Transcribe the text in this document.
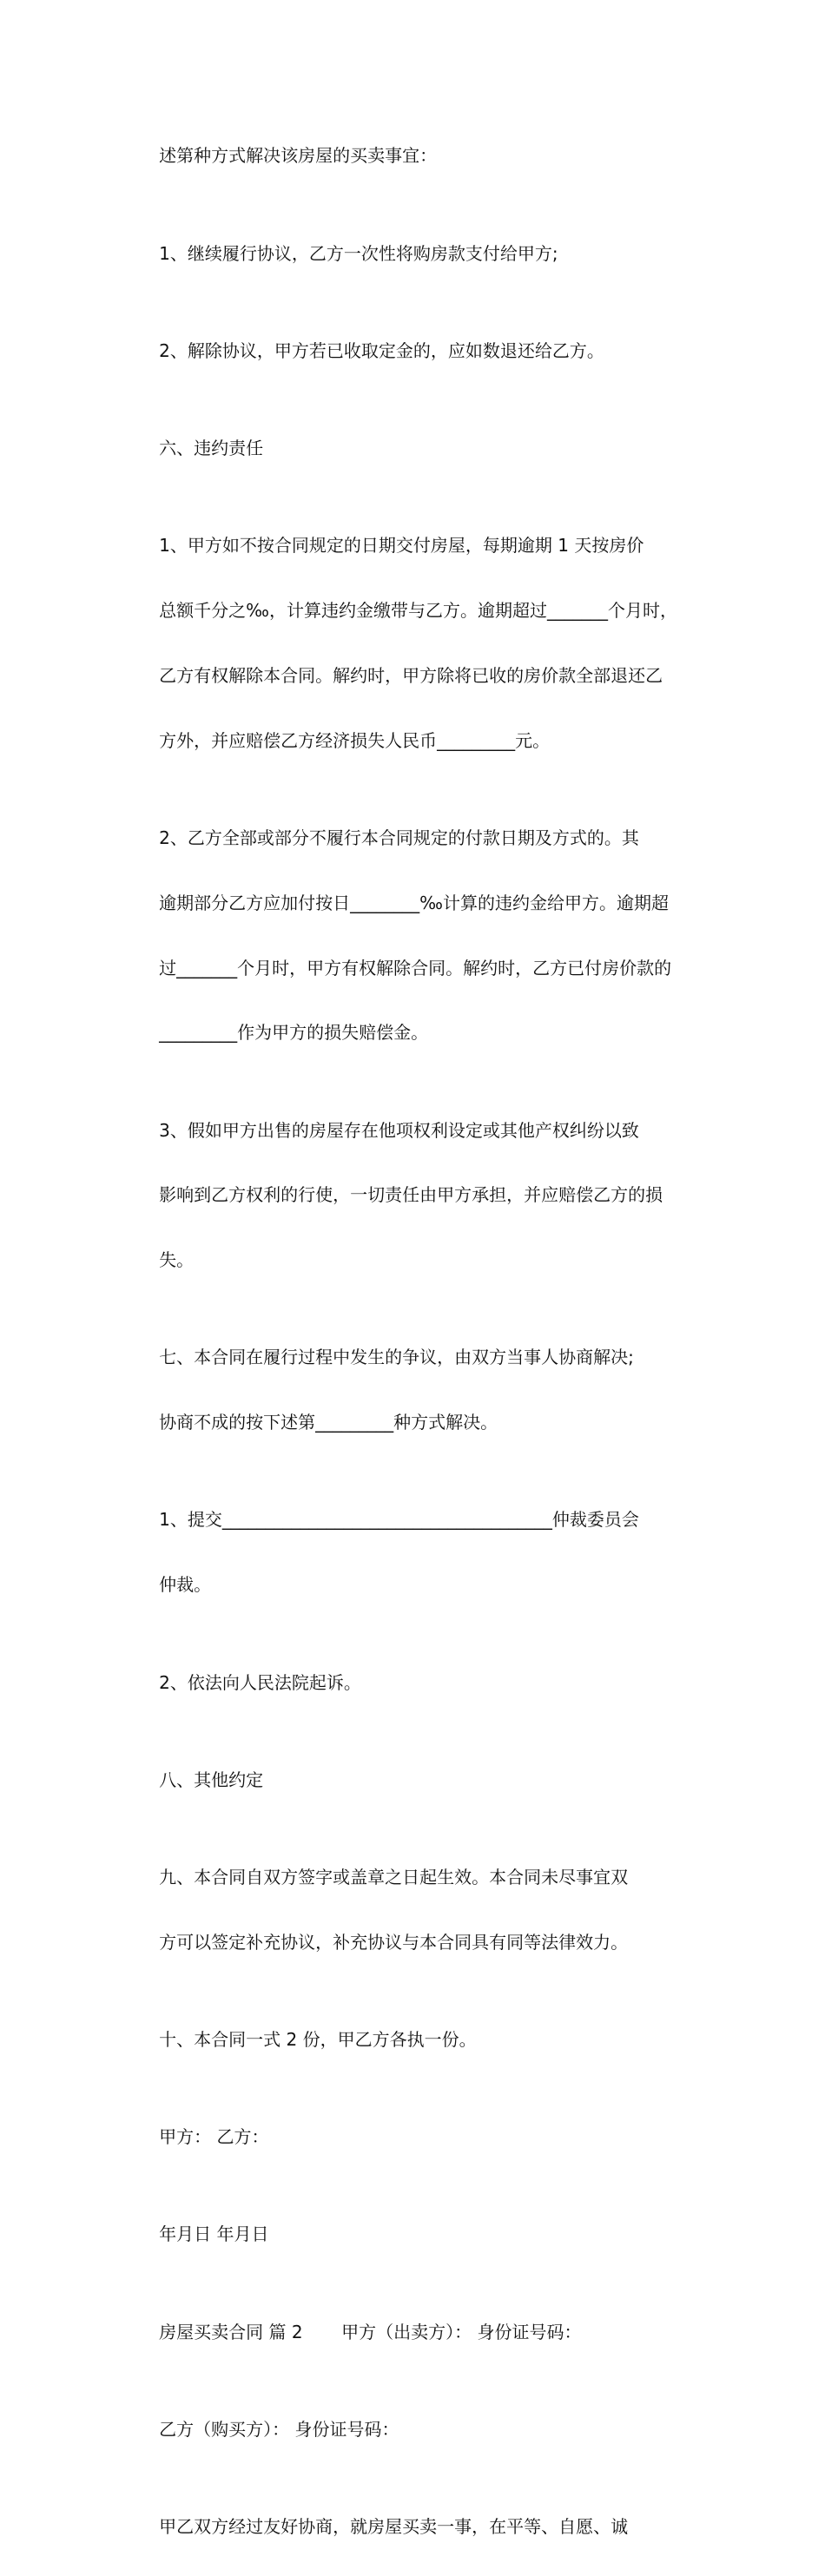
述第种方式解决该房屋的买卖事宜：

1、继续履行协议，乙方一次性将购房款支付给甲方;

2、解除协议，甲方若已收取定金的，应如数退还给乙方。

六、违约责任

1、甲方如不按合同规定的日期交付房屋，每期逾期 1 天按房价

总额千分之‰，计算违约金缴带与乙方。逾期超过_______个月时，

乙方有权解除本合同。解约时，甲方除将已收的房价款全部退还乙

方外，并应赔偿乙方经济损失人民币_________元。

2、乙方全部或部分不履行本合同规定的付款日期及方式的。其

逾期部分乙方应加付按日________‰计算的违约金给甲方。逾期超

过_______个月时，甲方有权解除合同。解约时，乙方已付房价款的

_________作为甲方的损失赔偿金。

3、假如甲方出售的房屋存在他项权利设定或其他产权纠纷以致

影响到乙方权利的行使，一切责任由甲方承担，并应赔偿乙方的损

失。

七、本合同在履行过程中发生的争议，由双方当事人协商解决;

协商不成的按下述第_________种方式解决。

1、提交______________________________________仲裁委员会

仲裁。

2、依法向人民法院起诉。

八、其他约定

九、本合同自双方签字或盖章之日起生效。本合同未尽事宜双

方可以签定补充协议，补充协议与本合同具有同等法律效力。

十、本合同一式 2 份，甲乙方各执一份。

甲方： 乙方：

年月日 年月日

房屋买卖合同 篇 2       甲方（出卖方）： 身份证号码：

乙方（购买方）： 身份证号码：

甲乙双方经过友好协商，就房屋买卖一事，在平等、自愿、诚
